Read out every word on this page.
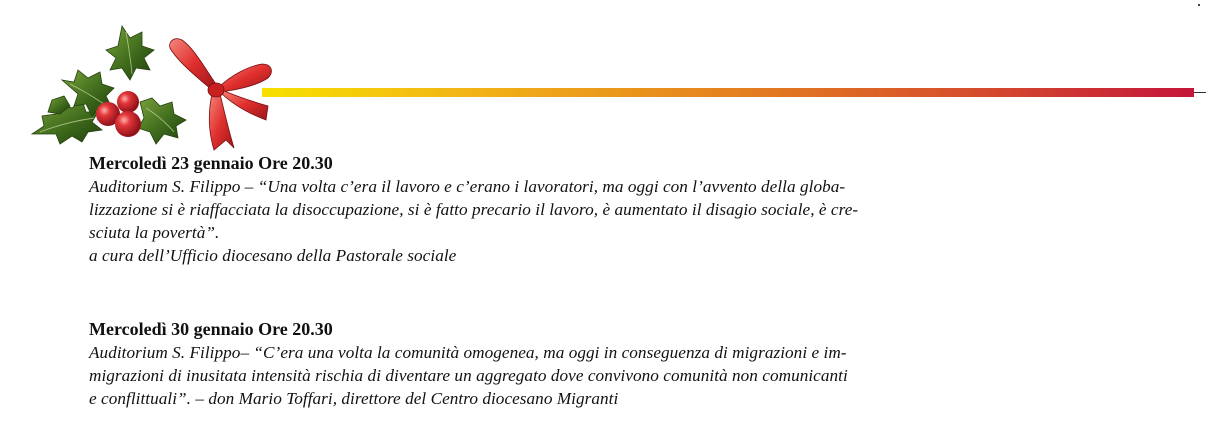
Mercoledì 23 gennaio Ore 20.30
Auditorium S. Filippo – “Una volta c’era il lavoro e c’erano i lavoratori, ma oggi con l’avvento della globa-
lizzazione si è riaffacciata la disoccupazione, si è fatto precario il lavoro, è aumentato il disagio sociale, è cre-
sciuta la povertà”.
a cura dell’Ufficio diocesano della Pastorale sociale
Mercoledì 30 gennaio Ore 20.30
Auditorium S. Filippo– “C’era una volta la comunità omogenea, ma oggi in conseguenza di migrazioni e im-
migrazioni di inusitata intensità rischia di diventare un aggregato dove convivono comunità non comunicanti
e conflittuali”. – don Mario Toffari, direttore del Centro diocesano Migranti
